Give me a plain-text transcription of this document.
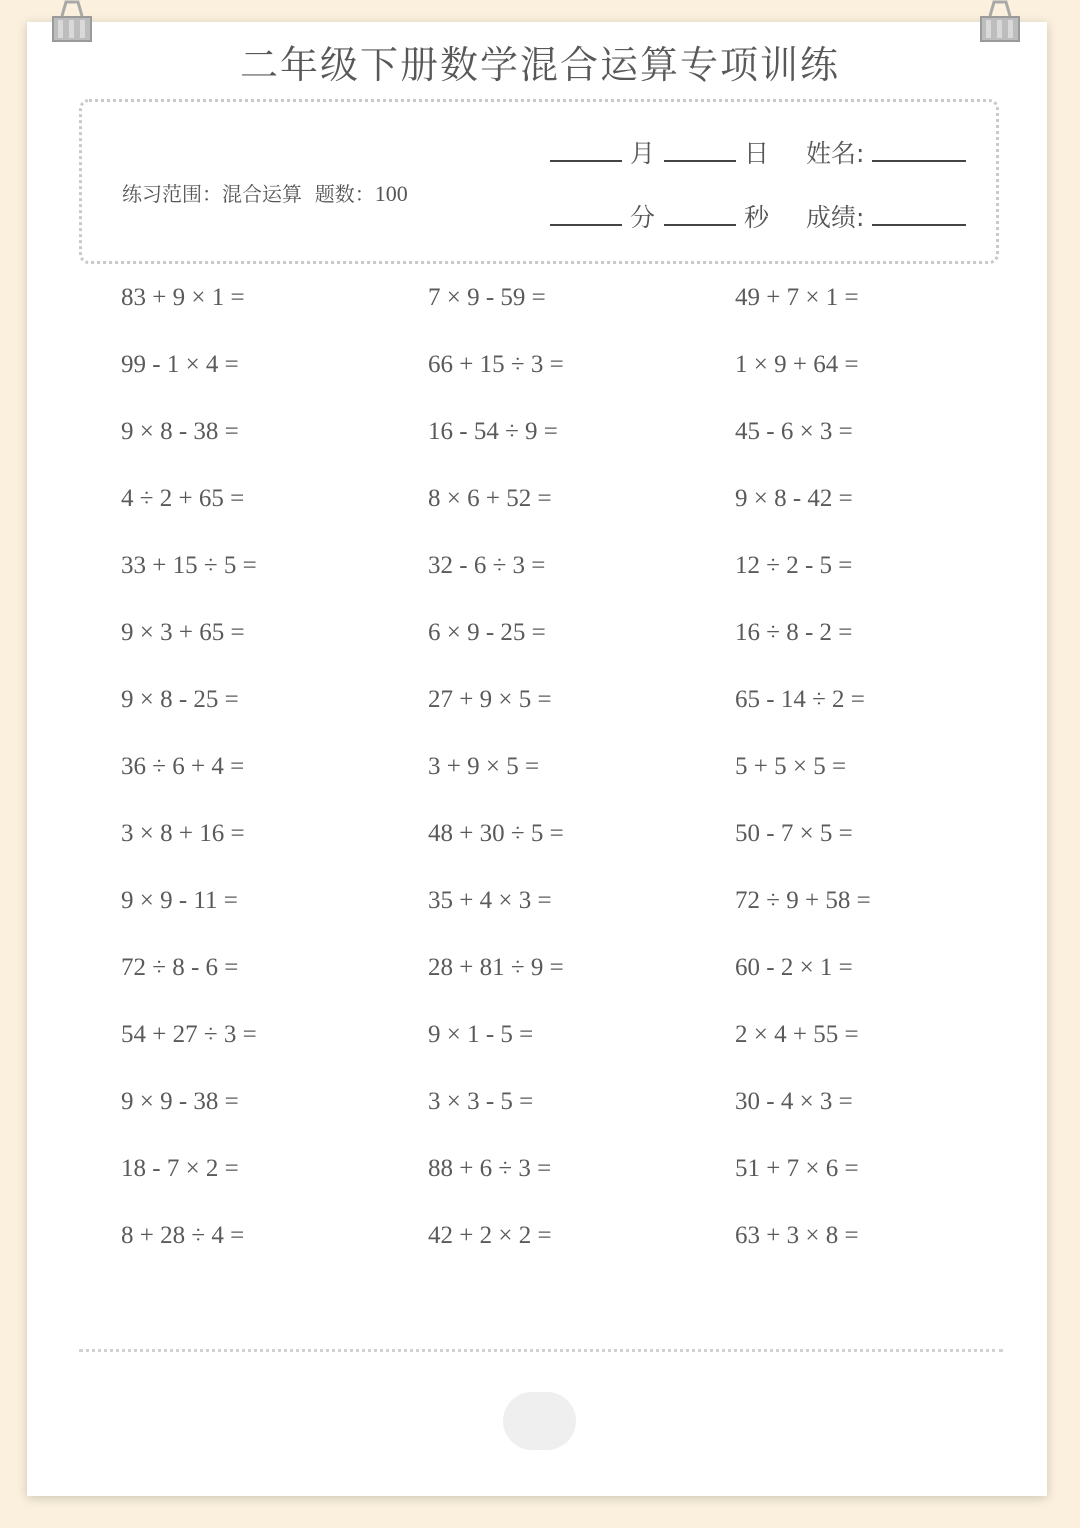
二年级下册数学混合运算专项训练
练习范围：混合运算 题数：100
月	日 姓名:
分	秒 成绩:
83 + 9 × 1 =
99 - 1 × 4 =
9 × 8 - 38 =
4 ÷ 2 + 65 =
33 + 15 ÷ 5 =
9 × 3 + 65 =
9 × 8 - 25 =
36 ÷ 6 + 4 =
3 × 8 + 16 =
9 × 9 - 11 =
72 ÷ 8 - 6 =
54 + 27 ÷ 3 =
9 × 9 - 38 =
18 - 7 × 2 =
8 + 28 ÷ 4 =
7 × 9 - 59 =
66 + 15 ÷ 3 =
16 - 54 ÷ 9 =
8 × 6 + 52 =
32 - 6 ÷ 3 =
6 × 9 - 25 =
27 + 9 × 5 =
3 + 9 × 5 =
48 + 30 ÷ 5 =
35 + 4 × 3 =
28 + 81 ÷ 9 =
9 × 1 - 5 =
3 × 3 - 5 =
88 + 6 ÷ 3 =
42 + 2 × 2 =
49 + 7 × 1 =
1 × 9 + 64 =
45 - 6 × 3 =
9 × 8 - 42 =
12 ÷ 2 - 5 =
16 ÷ 8 - 2 =
65 - 14 ÷ 2 =
5 + 5 × 5 =
50 - 7 × 5 =
72 ÷ 9 + 58 =
60 - 2 × 1 =
2 × 4 + 55 =
30 - 4 × 3 =
51 + 7 × 6 =
63 + 3 × 8 =
